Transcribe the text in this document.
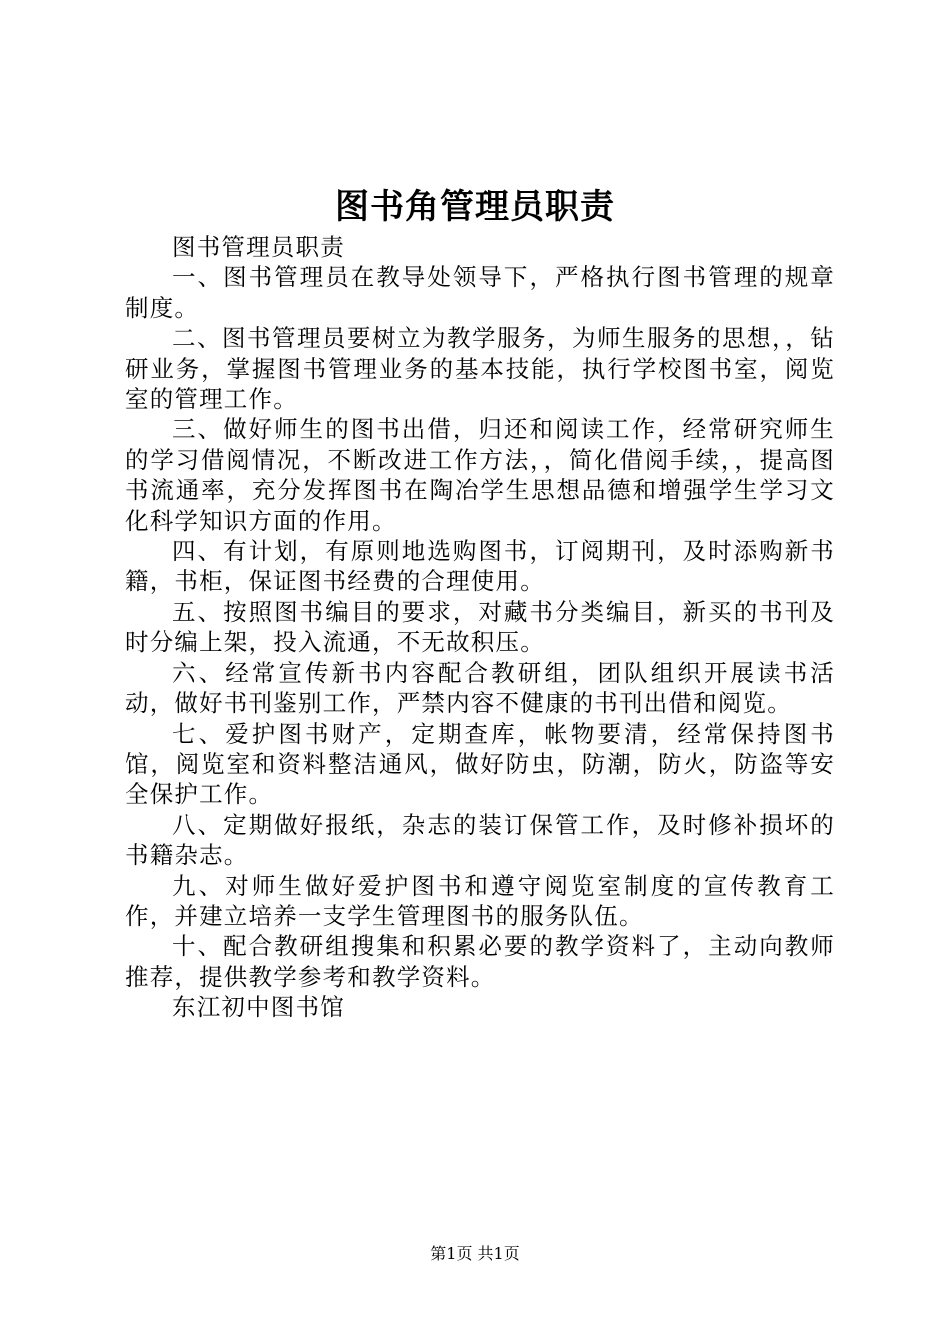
图书角管理员职责

图书管理员职责

一、图书管理员在教导处领导下，严格执行图书管理的规章制度。

二、图书管理员要树立为教学服务，为师生服务的思想，，钻研业务，掌握图书管理业务的基本技能，执行学校图书室，阅览室的管理工作。

三、做好师生的图书出借，归还和阅读工作，经常研究师生的学习借阅情况，不断改进工作方法，，简化借阅手续，，提高图书流通率，充分发挥图书在陶冶学生思想品德和增强学生学习文化科学知识方面的作用。

四、有计划，有原则地选购图书，订阅期刊，及时添购新书籍，书柜，保证图书经费的合理使用。

五、按照图书编目的要求，对藏书分类编目，新买的书刊及时分编上架，投入流通，不无故积压。

六、经常宣传新书内容配合教研组，团队组织开展读书活动，做好书刊鉴别工作，严禁内容不健康的书刊出借和阅览。

七、爱护图书财产，定期查库，帐物要清，经常保持图书馆，阅览室和资料整洁通风，做好防虫，防潮，防火，防盗等安全保护工作。

八、定期做好报纸，杂志的装订保管工作，及时修补损坏的书籍杂志。

九、对师生做好爱护图书和遵守阅览室制度的宣传教育工作，并建立培养一支学生管理图书的服务队伍。

十、配合教研组搜集和积累必要的教学资料了，主动向教师推荐，提供教学参考和教学资料。

东江初中图书馆

第1页 共1页
